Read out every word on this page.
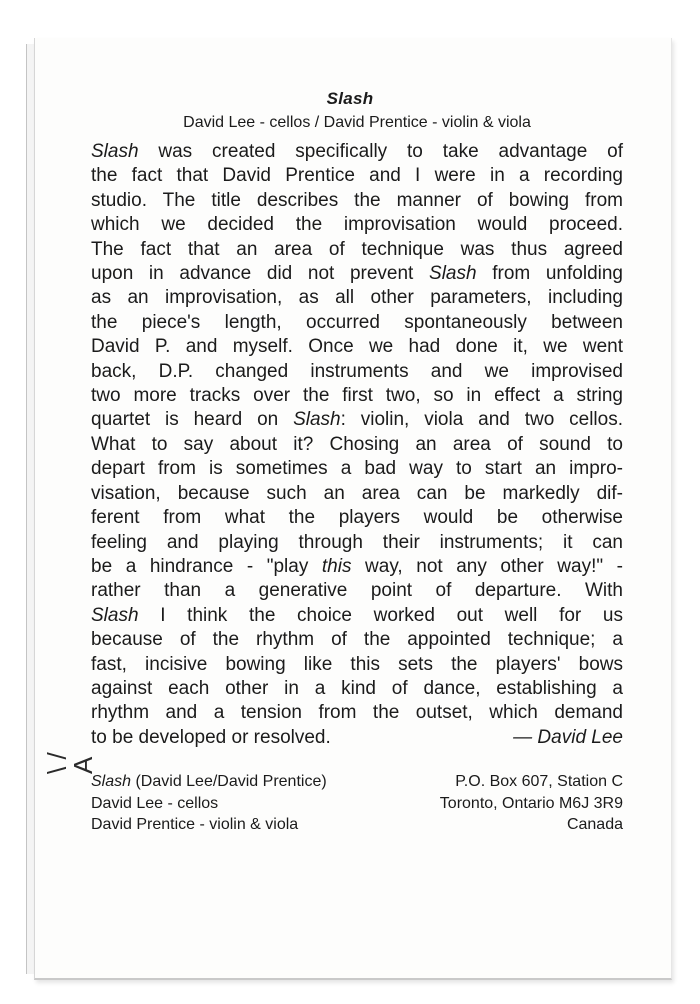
\ / A
Slash
David Lee - cellos / David Prentice - violin & viola
Slash was created specifically to take advantage of
the fact that David Prentice and I were in a recording
studio. The title describes the manner of bowing from
which we decided the improvisation would proceed.
The fact that an area of technique was thus agreed
upon in advance did not prevent Slash from unfolding
as an improvisation, as all other parameters, including
the piece's length, occurred spontaneously between
David P. and myself. Once we had done it, we went
back, D.P. changed instruments and we improvised
two more tracks over the first two, so in effect a string
quartet is heard on Slash: violin, viola and two cellos.
What to say about it? Chosing an area of sound to
depart from is sometimes a bad way to start an impro-
visation, because such an area can be markedly dif-
ferent from what the players would be otherwise
feeling and playing through their instruments; it can
be a hindrance - "play this way, not any other way!" -
rather than a generative point of departure. With
Slash I think the choice worked out well for us
because of the rhythm of the appointed technique; a
fast, incisive bowing like this sets the players' bows
against each other in a kind of dance, establishing a
rhythm and a tension from the outset, which demand
to be developed or resolved.	— David Lee
Slash (David Lee/David Prentice)
David Lee - cellos
David Prentice - violin & viola
P.O. Box 607, Station C
Toronto, Ontario M6J 3R9
Canada
